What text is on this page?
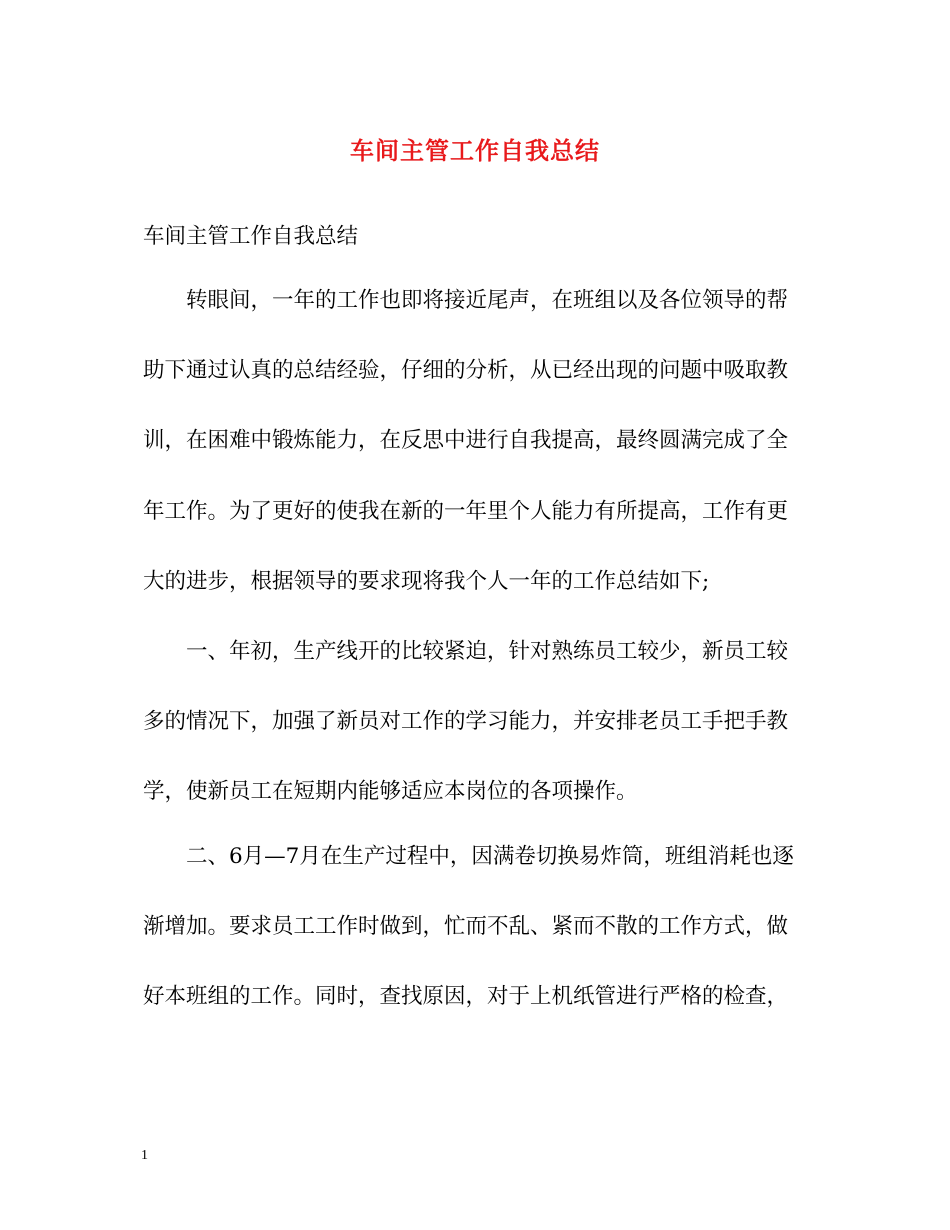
车间主管工作自我总结
车间主管工作自我总结
　　转眼间，一年的工作也即将接近尾声，在班组以及各位领导的帮
助下通过认真的总结经验，仔细的分析，从已经出现的问题中吸取教
训，在困难中锻炼能力，在反思中进行自我提高，最终圆满完成了全
年工作。为了更好的使我在新的一年里个人能力有所提高，工作有更
大的进步，根据领导的要求现将我个人一年的工作总结如下;
　　一、年初，生产线开的比较紧迫，针对熟练员工较少，新员工较
多的情况下，加强了新员对工作的学习能力，并安排老员工手把手教
学，使新员工在短期内能够适应本岗位的各项操作。
　　二、6月—7月在生产过程中，因满卷切换易炸筒，班组消耗也逐
渐增加。要求员工工作时做到，忙而不乱、紧而不散的工作方式，做
好本班组的工作。同时，查找原因，对于上机纸管进行严格的检查，
1
